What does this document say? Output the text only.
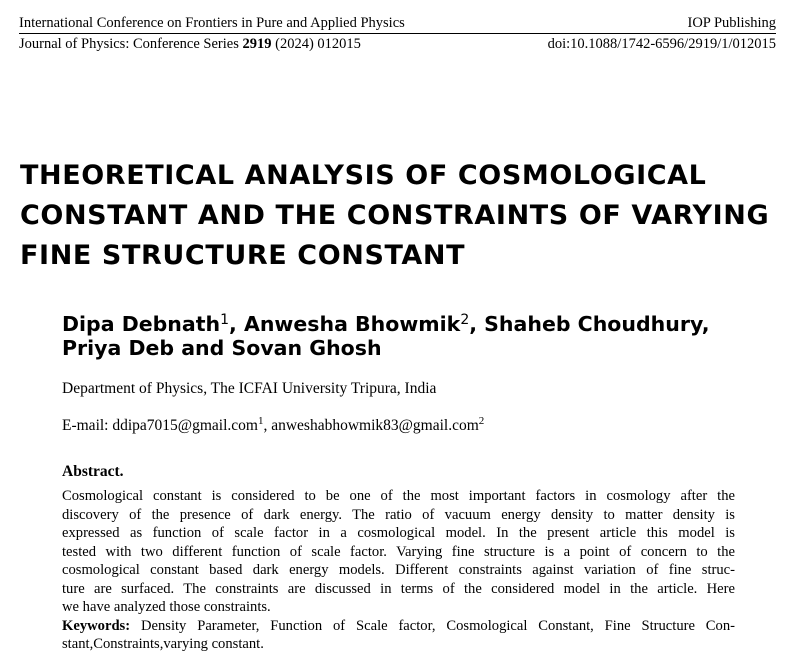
International Conference on Frontiers in Pure and Applied Physics	IOP Publishing
Journal of Physics: Conference Series 2919 (2024) 012015	doi:10.1088/1742-6596/2919/1/012015
THEORETICAL ANALYSIS OF COSMOLOGICAL
CONSTANT AND THE CONSTRAINTS OF VARYING
FINE STRUCTURE CONSTANT
Dipa Debnath$^1$, Anwesha Bhowmik$^2$, Shaheb Choudhury,
Priya Deb and Sovan Ghosh
Department of Physics, The ICFAI University Tripura, India
E-mail: ddipa7015@gmail.com$^1$, anweshabhowmik83@gmail.com$^2$
Abstract.
Cosmological constant is considered to be one of the most important factors in cosmology after the
discovery of the presence of dark energy. The ratio of vacuum energy density to matter density is
expressed as function of scale factor in a cosmological model. In the present article this model is
tested with two different function of scale factor. Varying fine structure is a point of concern to the
cosmological constant based dark energy models. Different constraints against variation of fine struc-
ture are surfaced. The constraints are discussed in terms of the considered model in the article. Here
we have analyzed those constraints.
Keywords: Density Parameter, Function of Scale factor, Cosmological Constant, Fine Structure Con-
stant,Constraints,varying constant.
